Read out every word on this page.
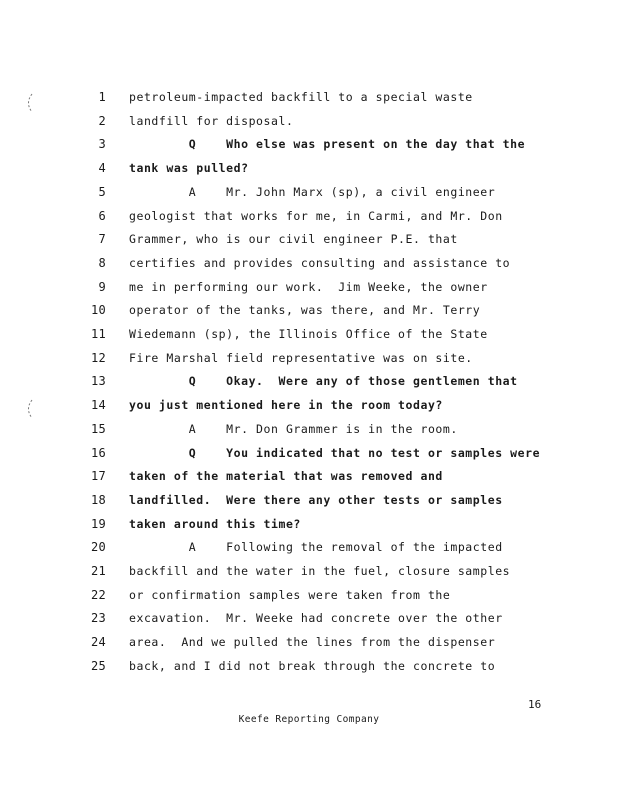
1 petroleum-impacted backfill to a special waste
2 landfill for disposal.
3 Q    Who else was present on the day that the
4 tank was pulled?
5 A    Mr. John Marx (sp), a civil engineer
6 geologist that works for me, in Carmi, and Mr. Don
7 Grammer, who is our civil engineer P.E. that
8 certifies and provides consulting and assistance to
9 me in performing our work.  Jim Weeke, the owner
10 operator of the tanks, was there, and Mr. Terry
11 Wiedemann (sp), the Illinois Office of the State
12 Fire Marshal field representative was on site.
13 Q    Okay.  Were any of those gentlemen that
14 you just mentioned here in the room today?
15 A    Mr. Don Grammer is in the room.
16 Q    You indicated that no test or samples were
17 taken of the material that was removed and
18 landfilled.  Were there any other tests or samples
19 taken around this time?
20 A    Following the removal of the impacted
21 backfill and the water in the fuel, closure samples
22 or confirmation samples were taken from the
23 excavation.  Mr. Weeke had concrete over the other
24 area.  And we pulled the lines from the dispenser
25 back, and I did not break through the concrete to
16
Keefe Reporting Company
